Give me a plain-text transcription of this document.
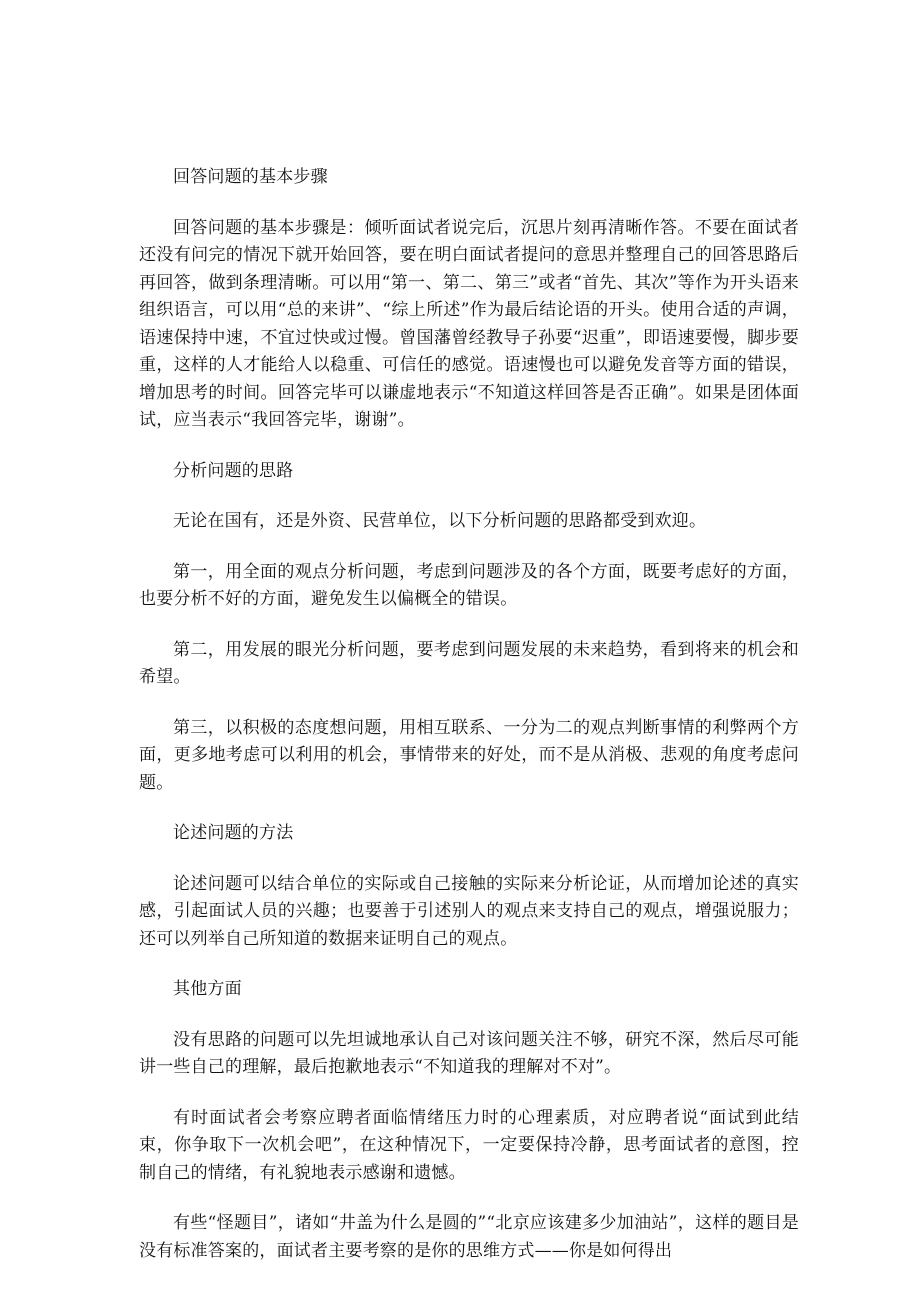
回答问题的基本步骤

回答问题的基本步骤是：倾听面试者说完后，沉思片刻再清晰作答。不要在面试者还没有问完的情况下就开始回答，要在明白面试者提问的意思并整理自己的回答思路后再回答，做到条理清晰。可以用“第一、第二、第三”或者“首先、其次”等作为开头语来组织语言，可以用“总的来讲”、“综上所述”作为最后结论语的开头。使用合适的声调，语速保持中速，不宜过快或过慢。曾国藩曾经教导子孙要“迟重”，即语速要慢，脚步要重，这样的人才能给人以稳重、可信任的感觉。语速慢也可以避免发音等方面的错误，增加思考的时间。回答完毕可以谦虚地表示“不知道这样回答是否正确”。如果是团体面试，应当表示“我回答完毕，谢谢”。

分析问题的思路

无论在国有，还是外资、民营单位，以下分析问题的思路都受到欢迎。

第一，用全面的观点分析问题，考虑到问题涉及的各个方面，既要考虑好的方面，也要分析不好的方面，避免发生以偏概全的错误。

第二，用发展的眼光分析问题，要考虑到问题发展的未来趋势，看到将来的机会和希望。

第三，以积极的态度想问题，用相互联系、一分为二的观点判断事情的利弊两个方面，更多地考虑可以利用的机会，事情带来的好处，而不是从消极、悲观的角度考虑问题。

论述问题的方法

论述问题可以结合单位的实际或自己接触的实际来分析论证，从而增加论述的真实感，引起面试人员的兴趣；也要善于引述别人的观点来支持自己的观点，增强说服力；还可以列举自己所知道的数据来证明自己的观点。

其他方面

没有思路的问题可以先坦诚地承认自己对该问题关注不够，研究不深，然后尽可能讲一些自己的理解，最后抱歉地表示“不知道我的理解对不对”。

有时面试者会考察应聘者面临情绪压力时的心理素质，对应聘者说“面试到此结束，你争取下一次机会吧”，在这种情况下，一定要保持冷静，思考面试者的意图，控制自己的情绪，有礼貌地表示感谢和遗憾。

有些“怪题目”，诸如“井盖为什么是圆的”“北京应该建多少加油站”，这样的题目是没有标准答案的，面试者主要考察的是你的思维方式——你是如何得出
